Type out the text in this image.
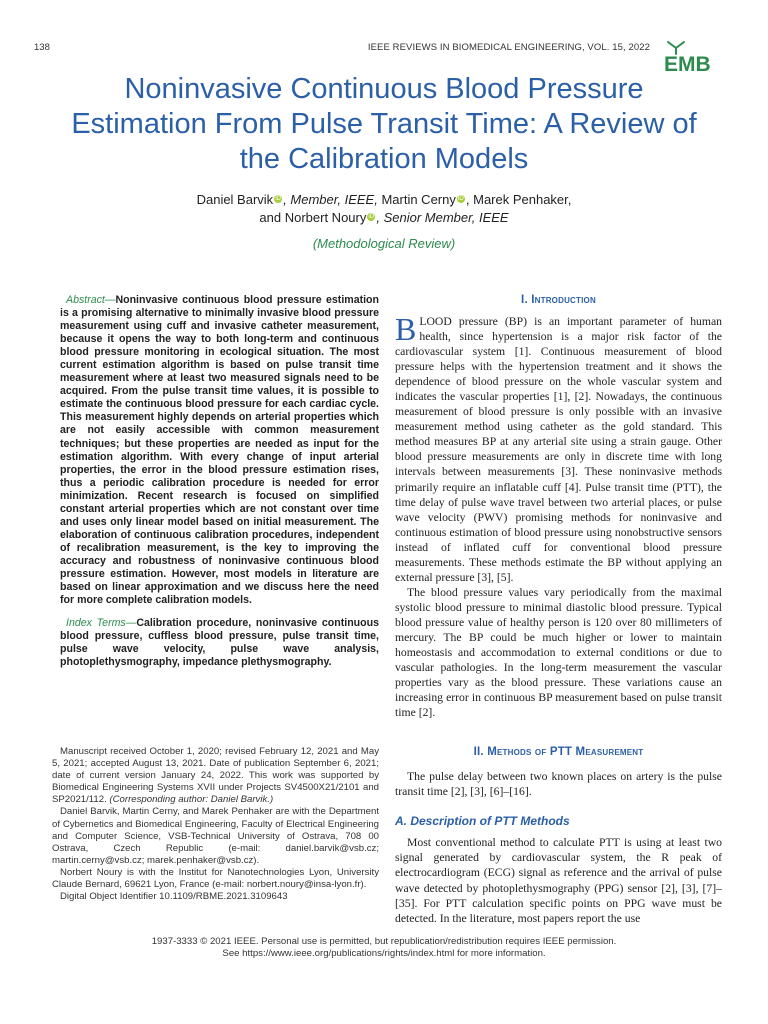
138	IEEE REVIEWS IN BIOMEDICAL ENGINEERING, VOL. 15, 2022
EMB
Noninvasive Continuous Blood Pressure Estimation From Pulse Transit Time: A Review of the Calibration Models
Daniel Barvik iD , Member, IEEE, Martin Cerny iD , Marek Penhaker,
and Norbert Noury iD , Senior Member, IEEE
(Methodological Review)

Abstract—Noninvasive continuous blood pressure estimation is a promising alternative to minimally invasive blood pressure measurement using cuff and invasive catheter measurement, because it opens the way to both long-term and continuous blood pressure monitoring in ecological situation. The most current estimation algorithm is based on pulse transit time measurement where at least two measured signals need to be acquired. From the pulse transit time values, it is possible to estimate the continuous blood pressure for each cardiac cycle. This measurement highly depends on arterial properties which are not easily accessible with common measurement techniques; but these properties are needed as input for the estimation algorithm. With every change of input arterial properties, the error in the blood pressure estimation rises, thus a periodic calibration procedure is needed for error minimization. Recent research is focused on simplified constant arterial properties which are not constant over time and uses only linear model based on initial measurement. The elaboration of continuous calibration procedures, independent of recalibration measurement, is the key to improving the accuracy and robustness of noninvasive continuous blood pressure estimation. However, most models in literature are based on linear approximation and we discuss here the need for more complete calibration models.

Index Terms—Calibration procedure, noninvasive continuous blood pressure, cuffless blood pressure, pulse transit time, pulse wave velocity, pulse wave analysis, photoplethysmography, impedance plethysmography.

Manuscript received October 1, 2020; revised February 12, 2021 and May 5, 2021; accepted August 13, 2021. Date of publication September 6, 2021; date of current version January 24, 2022. This work was supported by Biomedical Engineering Systems XVII under Projects SV4500X21/2101 and SP2021/112. (Corresponding author: Daniel Barvik.)

Daniel Barvik, Martin Cerny, and Marek Penhaker are with the Department of Cybernetics and Biomedical Engineering, Faculty of Electrical Engineering and Computer Science, VSB-Technical University of Ostrava, 708 00 Ostrava, Czech Republic (e-mail: daniel.barvik@vsb.cz; martin.cerny@vsb.cz; marek.penhaker@vsb.cz).

Norbert Noury is with the Institut for Nanotechnologies Lyon, University Claude Bernard, 69621 Lyon, France (e-mail: norbert.noury@insa-lyon.fr).

Digital Object Identifier 10.1109/RBME.2021.3109643

I. Introduction

BLOOD pressure (BP) is an important parameter of human health, since hypertension is a major risk factor of the cardiovascular system [1]. Continuous measurement of blood pressure helps with the hypertension treatment and it shows the dependence of blood pressure on the whole vascular system and indicates the vascular properties [1], [2]. Nowadays, the continuous measurement of blood pressure is only possible with an invasive measurement method using catheter as the gold standard. This method measures BP at any arterial site using a strain gauge. Other blood pressure measurements are only in discrete time with long intervals between measurements [3]. These noninvasive methods primarily require an inflatable cuff [4]. Pulse transit time (PTT), the time delay of pulse wave travel between two arterial places, or pulse wave velocity (PWV) promising methods for noninvasive and continuous estimation of blood pressure using nonobstructive sensors instead of inflated cuff for conventional blood pressure measurements. These methods estimate the BP without applying an external pressure [3], [5].

The blood pressure values vary periodically from the maximal systolic blood pressure to minimal diastolic blood pressure. Typical blood pressure value of healthy person is 120 over 80 millimeters of mercury. The BP could be much higher or lower to maintain homeostasis and accommodation to external conditions or due to vascular pathologies. In the long-term measurement the vascular properties vary as the blood pressure. These variations cause an increasing error in continuous BP measurement based on pulse transit time [2].

II. Methods of PTT Measurement

The pulse delay between two known places on artery is the pulse transit time [2], [3], [6]–[16].

A. Description of PTT Methods

Most conventional method to calculate PTT is using at least two signal generated by cardiovascular system, the R peak of electrocardiogram (ECG) signal as reference and the arrival of pulse wave detected by photoplethysmography (PPG) sensor [2], [3], [7]–[35]. For PTT calculation specific points on PPG wave must be detected. In the literature, most papers report the use

1937-3333 © 2021 IEEE. Personal use is permitted, but republication/redistribution requires IEEE permission.
See https://www.ieee.org/publications/rights/index.html for more information.
